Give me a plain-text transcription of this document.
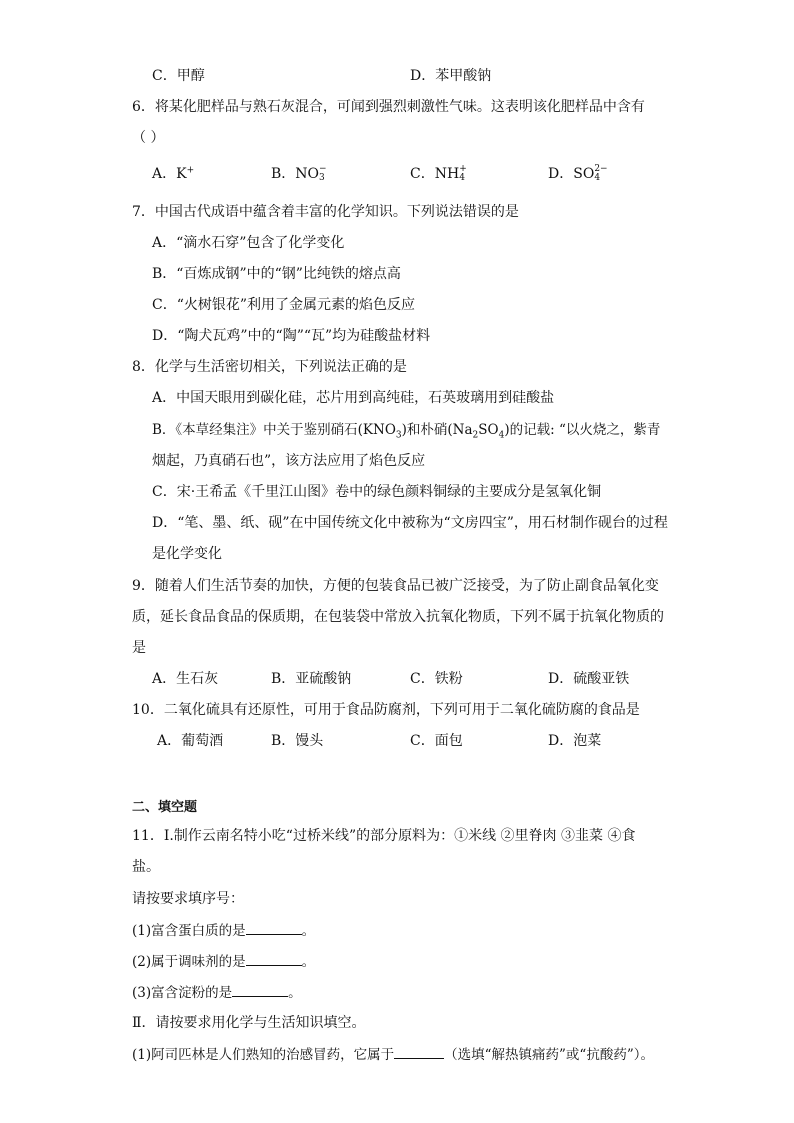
C．甲醇	D．苯甲酸钠
6．将某化肥样品与熟石灰混合，可闻到强烈刺激性气味。这表明该化肥样品中含有
（ ）
A．K+	B．NO −
3	C．NH +
4	D．SO 2−
4
7．中国古代成语中蕴含着丰富的化学知识。下列说法错误的是
A．“滴水石穿”包含了化学变化
B．“百炼成钢”中的“钢”比纯铁的熔点高
C．“火树银花”利用了金属元素的焰色反应
D．“陶犬瓦鸡”中的“陶”“瓦”均为硅酸盐材料
8．化学与生活密切相关，下列说法正确的是
A．中国天眼用到碳化硅，芯片用到高纯硅，石英玻璃用到硅酸盐
B．《本草经集注》中关于鉴别硝石$(KNO_3)$和朴硝$(Na_2SO_4)$的记载: “以火烧之，紫青
烟起，乃真硝石也”，该方法应用了焰色反应
C．宋·王希孟《千里江山图》卷中的绿色颜料铜绿的主要成分是氢氧化铜
D．“笔、墨、纸、砚”在中国传统文化中被称为“文房四宝”，用石材制作砚台的过程
是化学变化
9．随着人们生活节奏的加快，方便的包装食品已被广泛接受，为了防止副食品氧化变
质，延长食品食品的保质期，在包装袋中常放入抗氧化物质，下列不属于抗氧化物质的
是
A．生石灰	B．亚硫酸钠	C．铁粉	D．硫酸亚铁
10．二氧化硫具有还原性，可用于食品防腐剂，下列可用于二氧化硫防腐的食品是
A．葡萄酒	B．馒头	C．面包	D．泡菜
二、填空题
11．Ⅰ.制作云南名特小吃“过桥米线”的部分原料为：①米线 ②里脊肉 ③韭菜 ④食
盐。
请按要求填序号：
(1)富含蛋白质的是	。
(2)属于调味剂的是	。
(3)富含淀粉的是	。
Ⅱ．请按要求用化学与生活知识填空。
(1)阿司匹林是人们熟知的治感冒药，它属于	（选填“解热镇痛药”或“抗酸药”）。
